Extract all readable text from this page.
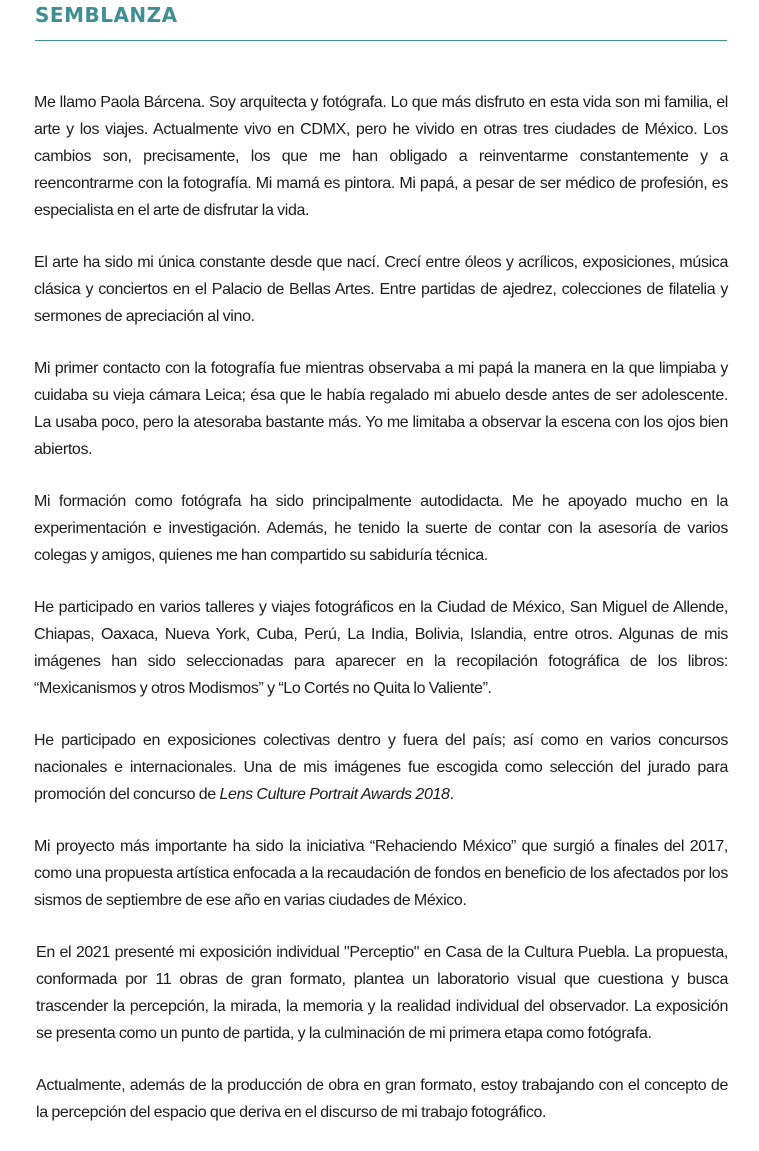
SEMBLANZA

Me llamo Paola Bárcena. Soy arquitecta y fotógrafa. Lo que más disfruto en esta vida son mi familia, el arte y los viajes. Actualmente vivo en CDMX, pero he vivido en otras tres ciudades de México. Los cambios son, precisamente, los que me han obligado a reinventarme constantemente y a reencontrarme con la fotografía. Mi mamá es pintora. Mi papá, a pesar de ser médico de profesión, es especialista en el arte de disfrutar la vida.

El arte ha sido mi única constante desde que nací. Crecí entre óleos y acrílicos, exposiciones, música clásica y conciertos en el Palacio de Bellas Artes. Entre partidas de ajedrez, colecciones de filatelia y sermones de apreciación al vino.

Mi primer contacto con la fotografía fue mientras observaba a mi papá la manera en la que limpiaba y cuidaba su vieja cámara Leica; ésa que le había regalado mi abuelo desde antes de ser adolescente. La usaba poco, pero la atesoraba bastante más. Yo me limitaba a observar la escena con los ojos bien abiertos.

Mi formación como fotógrafa ha sido principalmente autodidacta. Me he apoyado mucho en la experimentación e investigación. Además, he tenido la suerte de contar con la asesoría de varios colegas y amigos, quienes me han compartido su sabiduría técnica.

He participado en varios talleres y viajes fotográficos en la Ciudad de México, San Miguel de Allende, Chiapas, Oaxaca, Nueva York, Cuba, Perú, La India, Bolivia, Islandia, entre otros. Algunas de mis imágenes han sido seleccionadas para aparecer en la recopilación fotográfica de los libros: “Mexicanismos y otros Modismos” y “Lo Cortés no Quita lo Valiente”.

He participado en exposiciones colectivas dentro y fuera del país; así como en varios concursos nacionales e internacionales. Una de mis imágenes fue escogida como selección del jurado para promoción del concurso de Lens Culture Portrait Awards 2018.

Mi proyecto más importante ha sido la iniciativa “Rehaciendo México” que surgió a finales del 2017, como una propuesta artística enfocada a la recaudación de fondos en beneficio de los afectados por los sismos de septiembre de ese año en varias ciudades de México.

En el 2021 presenté mi exposición individual "Perceptio" en Casa de la Cultura Puebla. La propuesta, conformada por 11 obras de gran formato, plantea un laboratorio visual que cuestiona y busca trascender la percepción, la mirada, la memoria y la realidad individual del observador. La exposición se presenta como un punto de partida, y la culminación de mi primera etapa como fotógrafa.

Actualmente, además de la producción de obra en gran formato, estoy trabajando con el concepto de la percepción del espacio que deriva en el discurso de mi trabajo fotográfico.
